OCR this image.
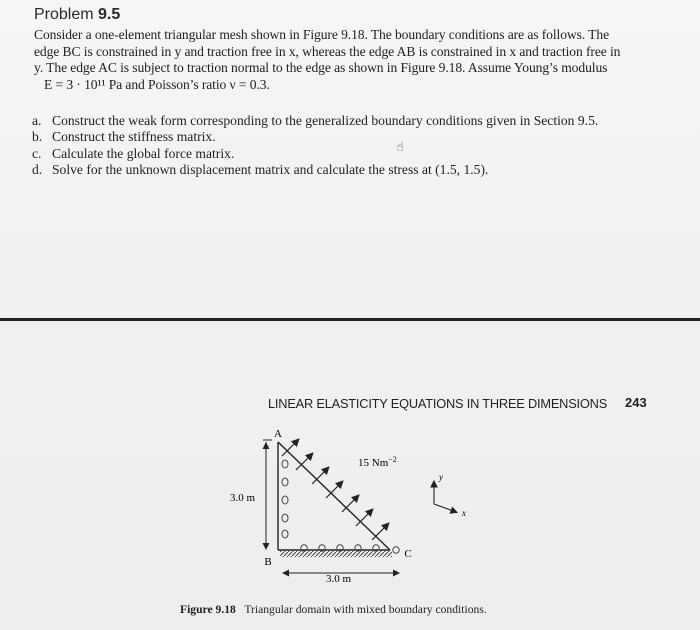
Problem 9.5
Consider a one-element triangular mesh shown in Figure 9.18. The boundary conditions are as follows. The
edge BC is constrained in y and traction free in x, whereas the edge AB is constrained in x and traction free in
y. The edge AC is subject to traction normal to the edge as shown in Figure 9.18. Assume Young’s modulus
E = 3 · 10¹¹ Pa and Poisson’s ratio ν = 0.3.
a. Construct the weak form corresponding to the generalized boundary conditions given in Section 9.5.
b. Construct the stiffness matrix.
c. Calculate the global force matrix.
d. Solve for the unknown displacement matrix and calculate the stress at (1.5, 1.5).
☝
LINEAR ELASTICITY EQUATIONS IN THREE DIMENSIONS 243
A
B
C
15 $Nm^{-2}$
3.0 m
3.0 m
y
x
Figure 9.18 Triangular domain with mixed boundary conditions.
